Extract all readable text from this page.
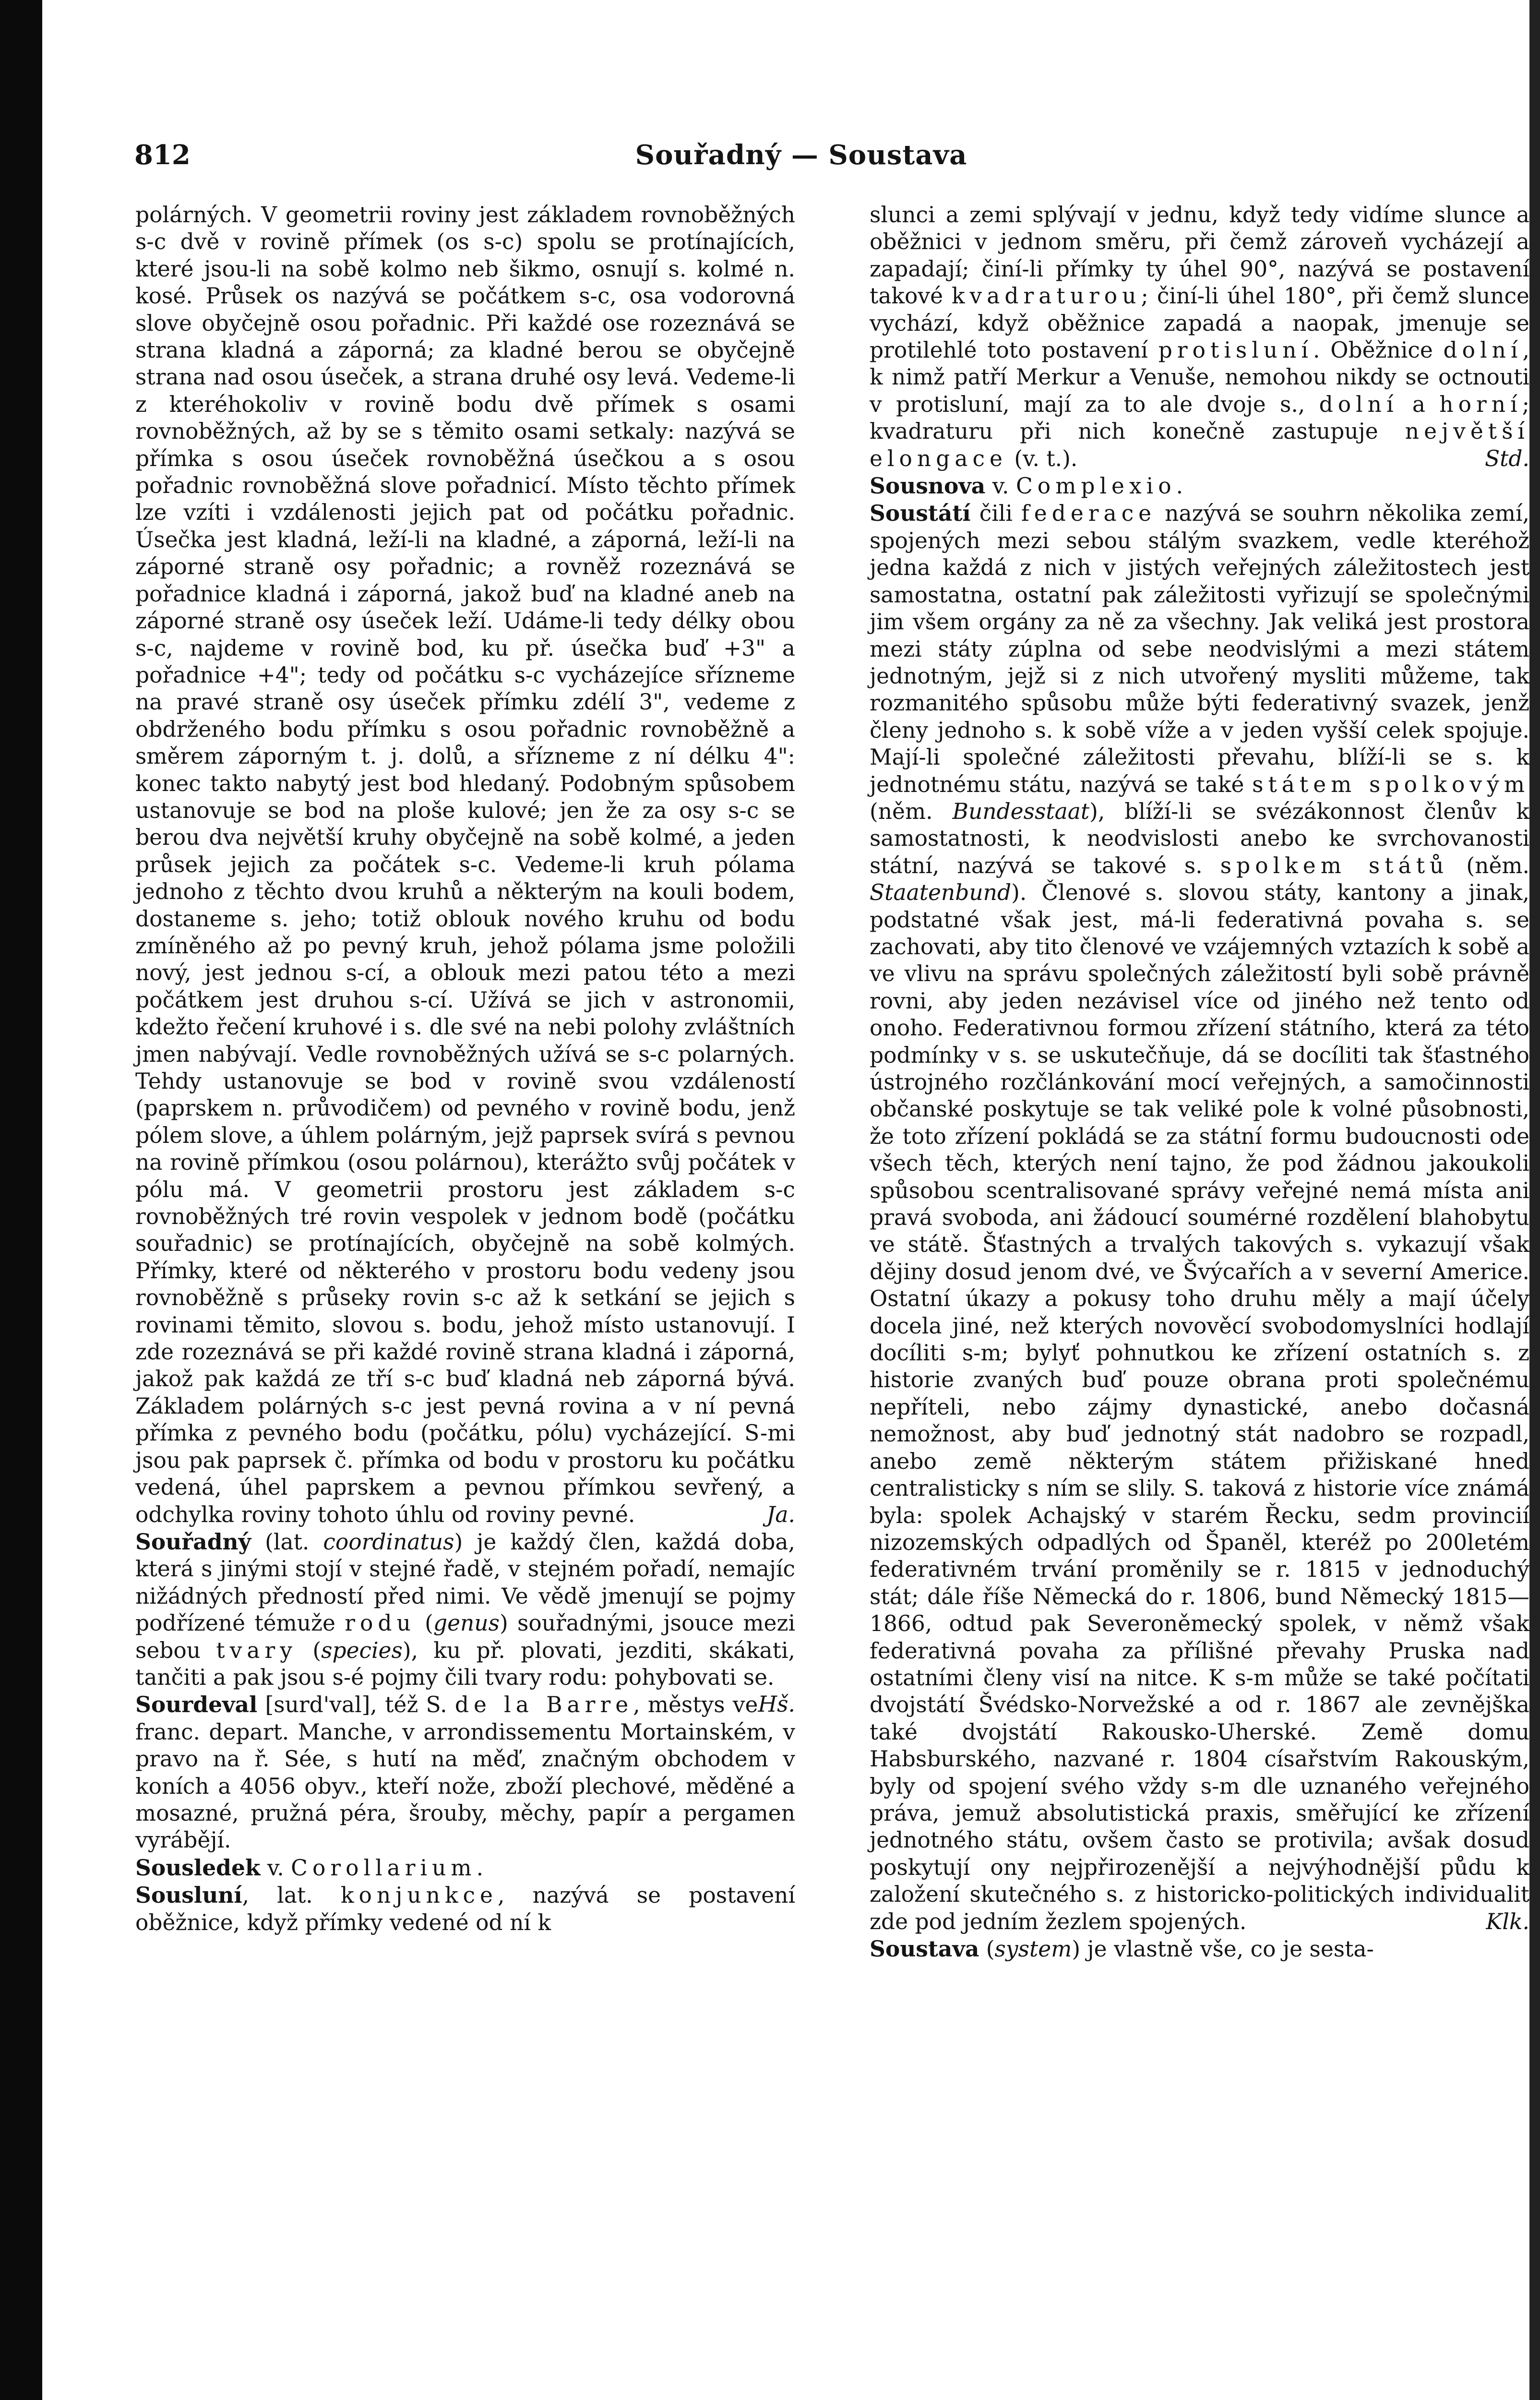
812	Souřadný — Soustava

polárných. V geometrii roviny jest základem rovnoběžných s-c dvě v rovině přímek (os s-c) spolu se protínajících, které jsou-li na sobě kolmo neb šikmo, osnují s. kolmé n. kosé. Průsek os nazývá se počátkem s-c, osa vodorovná slove obyčejně osou pořadnic. Při každé ose rozeznává se strana kladná a záporná; za kladné berou se obyčejně strana nad osou úseček, a strana druhé osy levá. Vedeme-li z kteréhokoliv v rovině bodu dvě přímek s osami rovnoběžných, až by se s těmito osami setkaly: nazývá se přímka s osou úseček rovnoběžná úsečkou a s osou pořadnic rovnoběžná slove pořadnicí. Místo těchto přímek lze vzíti i vzdálenosti jejich pat od počátku pořadnic. Úsečka jest kladná, leží-li na kladné, a záporná, leží-li na záporné straně osy pořadnic; a rovněž rozeznává se pořadnice kladná i záporná, jakož buď na kladné aneb na záporné straně osy úseček leží. Udáme-li tedy délky obou s-c, najdeme v rovině bod, ku př. úsečka buď +3" a pořadnice +4"; tedy od počátku s-c vycházejíce sřízneme na pravé straně osy úseček přímku zdélí 3", vedeme z obdrženého bodu přímku s osou pořadnic rovnoběžně a směrem záporným t. j. dolů, a sřízneme z ní délku 4": konec takto nabytý jest bod hledaný. Podobným spůsobem ustanovuje se bod na ploše kulové; jen že za osy s-c se berou dva největší kruhy obyčejně na sobě kolmé, a jeden průsek jejich za počátek s-c. Vedeme-li kruh pólama jednoho z těchto dvou kruhů a některým na kouli bodem, dostaneme s. jeho; totiž oblouk nového kruhu od bodu zmíněného až po pevný kruh, jehož pólama jsme položili nový, jest jednou s-cí, a oblouk mezi patou této a mezi počátkem jest druhou s-cí. Užívá se jich v astronomii, kdežto řečení kruhové i s. dle své na nebi polohy zvláštních jmen nabývají. Vedle rovnoběžných užívá se s-c polarných. Tehdy ustanovuje se bod v rovině svou vzdáleností (paprskem n. průvodičem) od pevného v rovině bodu, jenž pólem slove, a úhlem polárným, jejž paprsek svírá s pevnou na rovině přímkou (osou polárnou), kterážto svůj počátek v pólu má. V geometrii prostoru jest základem s-c rovnoběžných tré rovin vespolek v jednom bodě (počátku souřadnic) se protínajících, obyčejně na sobě kolmých. Přímky, které od některého v prostoru bodu vedeny jsou rovnoběžně s průseky rovin s-c až k setkání se jejich s rovinami těmito, slovou s. bodu, jehož místo ustanovují. I zde rozeznává se při každé rovině strana kladná i záporná, jakož pak každá ze tří s-c buď kladná neb záporná bývá. Základem polárných s-c jest pevná rovina a v ní pevná přímka z pevného bodu (počátku, pólu) vycházející. S-mi jsou pak paprsek č. přímka od bodu v prostoru ku počátku vedená, úhel paprskem a pevnou přímkou sevřený, a odchylka roviny tohoto úhlu od roviny pevné.	Ja.

Souřadný (lat. coordinatus) je každý člen, každá doba, která s jinými stojí v stejné řadě, v stejném pořadí, nemajíc nižádných předností před nimi. Ve vědě jmenují se pojmy podřízené témuže rodu (genus) souřadnými, jsouce mezi sebou tvary (species), ku př. plovati, jezditi, skákati, tančiti a pak jsou s-é pojmy čili tvary rodu: pohybovati se.
Hš.

Sourdeval [surd'val], též S. de la Barre, městys ve franc. depart. Manche, v arrondissementu Mortainském, v pravo na ř. Sée, s hutí na měď, značným obchodem v koních a 4056 obyv., kteří nože, zboží plechové, měděné a mosazné, pružná péra, šrouby, měchy, papír a pergamen vyrábějí.

Sousledek v. Corollarium.

Sousluní, lat. konjunkce, nazývá se postavení oběžnice, když přímky vedené od ní k

slunci a zemi splývají v jednu, když tedy vidíme slunce a oběžnici v jednom směru, při čemž zároveň vycházejí a zapadají; činí-li přímky ty úhel 90°, nazývá se postavení takové kvadraturou; činí-li úhel 180°, při čemž slunce vychází, když oběžnice zapadá a naopak, jmenuje se protilehlé toto postavení protisluní. Oběžnice dolní, k nimž patří Merkur a Venuše, nemohou nikdy se octnouti v protisluní, mají za to ale dvoje s., dolní a horní; kvadraturu při nich konečně zastupuje největší elongace (v. t.).	Std.

Sousnova v. Complexio.

Soustátí čili federace nazývá se souhrn několika zemí, spojených mezi sebou stálým svazkem, vedle kteréhož jedna každá z nich v jistých veřejných záležitostech jest samostatna, ostatní pak záležitosti vyřizují se společnými jim všem orgány za ně za všechny. Jak veliká jest prostora mezi státy zúplna od sebe neodvislými a mezi státem jednotným, jejž si z nich utvořený mysliti můžeme, tak rozmanitého spůsobu může býti federativný svazek, jenž členy jednoho s. k sobě víže a v jeden vyšší celek spojuje. Mají-li společné záležitosti převahu, blíží-li se s. k jednotnému státu, nazývá se také státem spolkovým (něm. Bundesstaat), blíží-li se svézákonnost členův k samostatnosti, k neodvislosti anebo ke svrchovanosti státní, nazývá se takové s. spolkem států (něm. Staatenbund). Členové s. slovou státy, kantony a jinak, podstatné však jest, má-li federativná povaha s. se zachovati, aby tito členové ve vzájemných vztazích k sobě a ve vlivu na správu společných záležitostí byli sobě právně rovni, aby jeden nezávisel více od jiného než tento od onoho. Federativnou formou zřízení státního, která za této podmínky v s. se uskutečňuje, dá se docíliti tak šťastného ústrojného rozčlánkování mocí veřejných, a samočinnosti občanské poskytuje se tak veliké pole k volné působnosti, že toto zřízení pokládá se za státní formu budoucnosti ode všech těch, kterých není tajno, že pod žádnou jakoukoli spůsobou scentralisované správy veřejné nemá místa ani pravá svoboda, ani žádoucí soumérné rozdělení blahobytu ve státě. Šťastných a trvalých takových s. vykazují však dějiny dosud jenom dvé, ve Švýcařích a v severní Americe. Ostatní úkazy a pokusy toho druhu měly a mají účely docela jiné, než kterých novověcí svobodomyslníci hodlají docíliti s-m; bylyť pohnutkou ke zřízení ostatních s. z historie zvaných buď pouze obrana proti společnému nepříteli, nebo zájmy dynastické, anebo dočasná nemožnost, aby buď jednotný stát nadobro se rozpadl, anebo země některým státem přižiskané hned centralisticky s ním se slily. S. taková z historie více známá byla: spolek Achajský v starém Řecku, sedm provincií nizozemských odpadlých od Španěl, kteréž po 200letém federativném trvání proměnily se r. 1815 v jednoduchý stát; dále říše Německá do r. 1806, bund Německý 1815—1866, odtud pak Severoněmecký spolek, v němž však federativná povaha za přílišné převahy Pruska nad ostatními členy visí na nitce. K s-m může se také počítati dvojstátí Švédsko-Norvežské a od r. 1867 ale zevnějška také dvojstátí Rakousko-Uherské. Země domu Habsburského, nazvané r. 1804 císařstvím Rakouským, byly od spojení svého vždy s-m dle uznaného veřejného práva, jemuž absolutistická praxis, směřující ke zřízení jednotného státu, ovšem často se protivila; avšak dosud poskytují ony nejpřirozenější a nejvýhodnější půdu k založení skutečného s. z historicko-politických individualit zde pod jedním žezlem spojených.	Klk.

Soustava (system) je vlastně vše, co je sesta-
